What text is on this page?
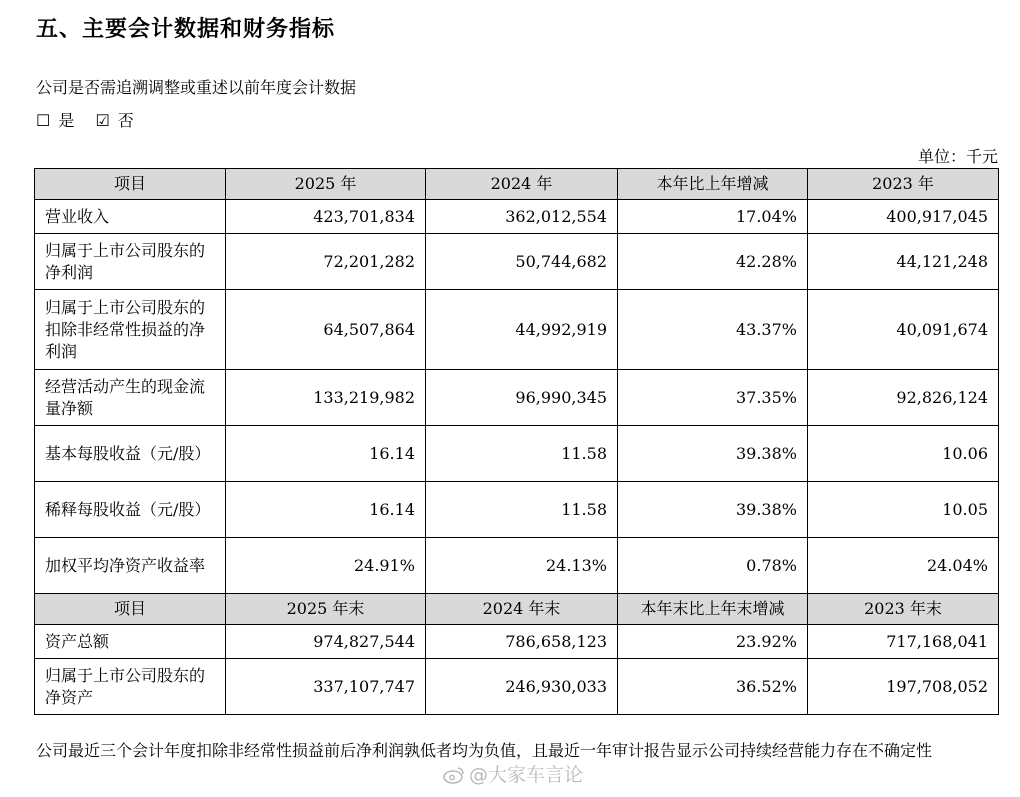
五、主要会计数据和财务指标
公司是否需追溯调整或重述以前年度会计数据
☐ 是 ☑ 否
单位：千元
项目	2025 年	2024 年	本年比上年增减	2023 年
营业收入	423,701,834	362,012,554	17.04%	400,917,045
归属于上市公司股东的净利润	72,201,282	50,744,682	42.28%	44,121,248
归属于上市公司股东的扣除非经常性损益的净利润	64,507,864	44,992,919	43.37%	40,091,674
经营活动产生的现金流量净额	133,219,982	96,990,345	37.35%	92,826,124
基本每股收益（元/股）	16.14	11.58	39.38%	10.06
稀释每股收益（元/股）	16.14	11.58	39.38%	10.05
加权平均净资产收益率	24.91%	24.13%	0.78%	24.04%
项目	2025 年末	2024 年末	本年末比上年末增减	2023 年末
资产总额	974,827,544	786,658,123	23.92%	717,168,041
归属于上市公司股东的净资产	337,107,747	246,930,033	36.52%	197,708,052
公司最近三个会计年度扣除非经常性损益前后净利润孰低者均为负值，且最近一年审计报告显示公司持续经营能力存在不确定性
@大家车言论
